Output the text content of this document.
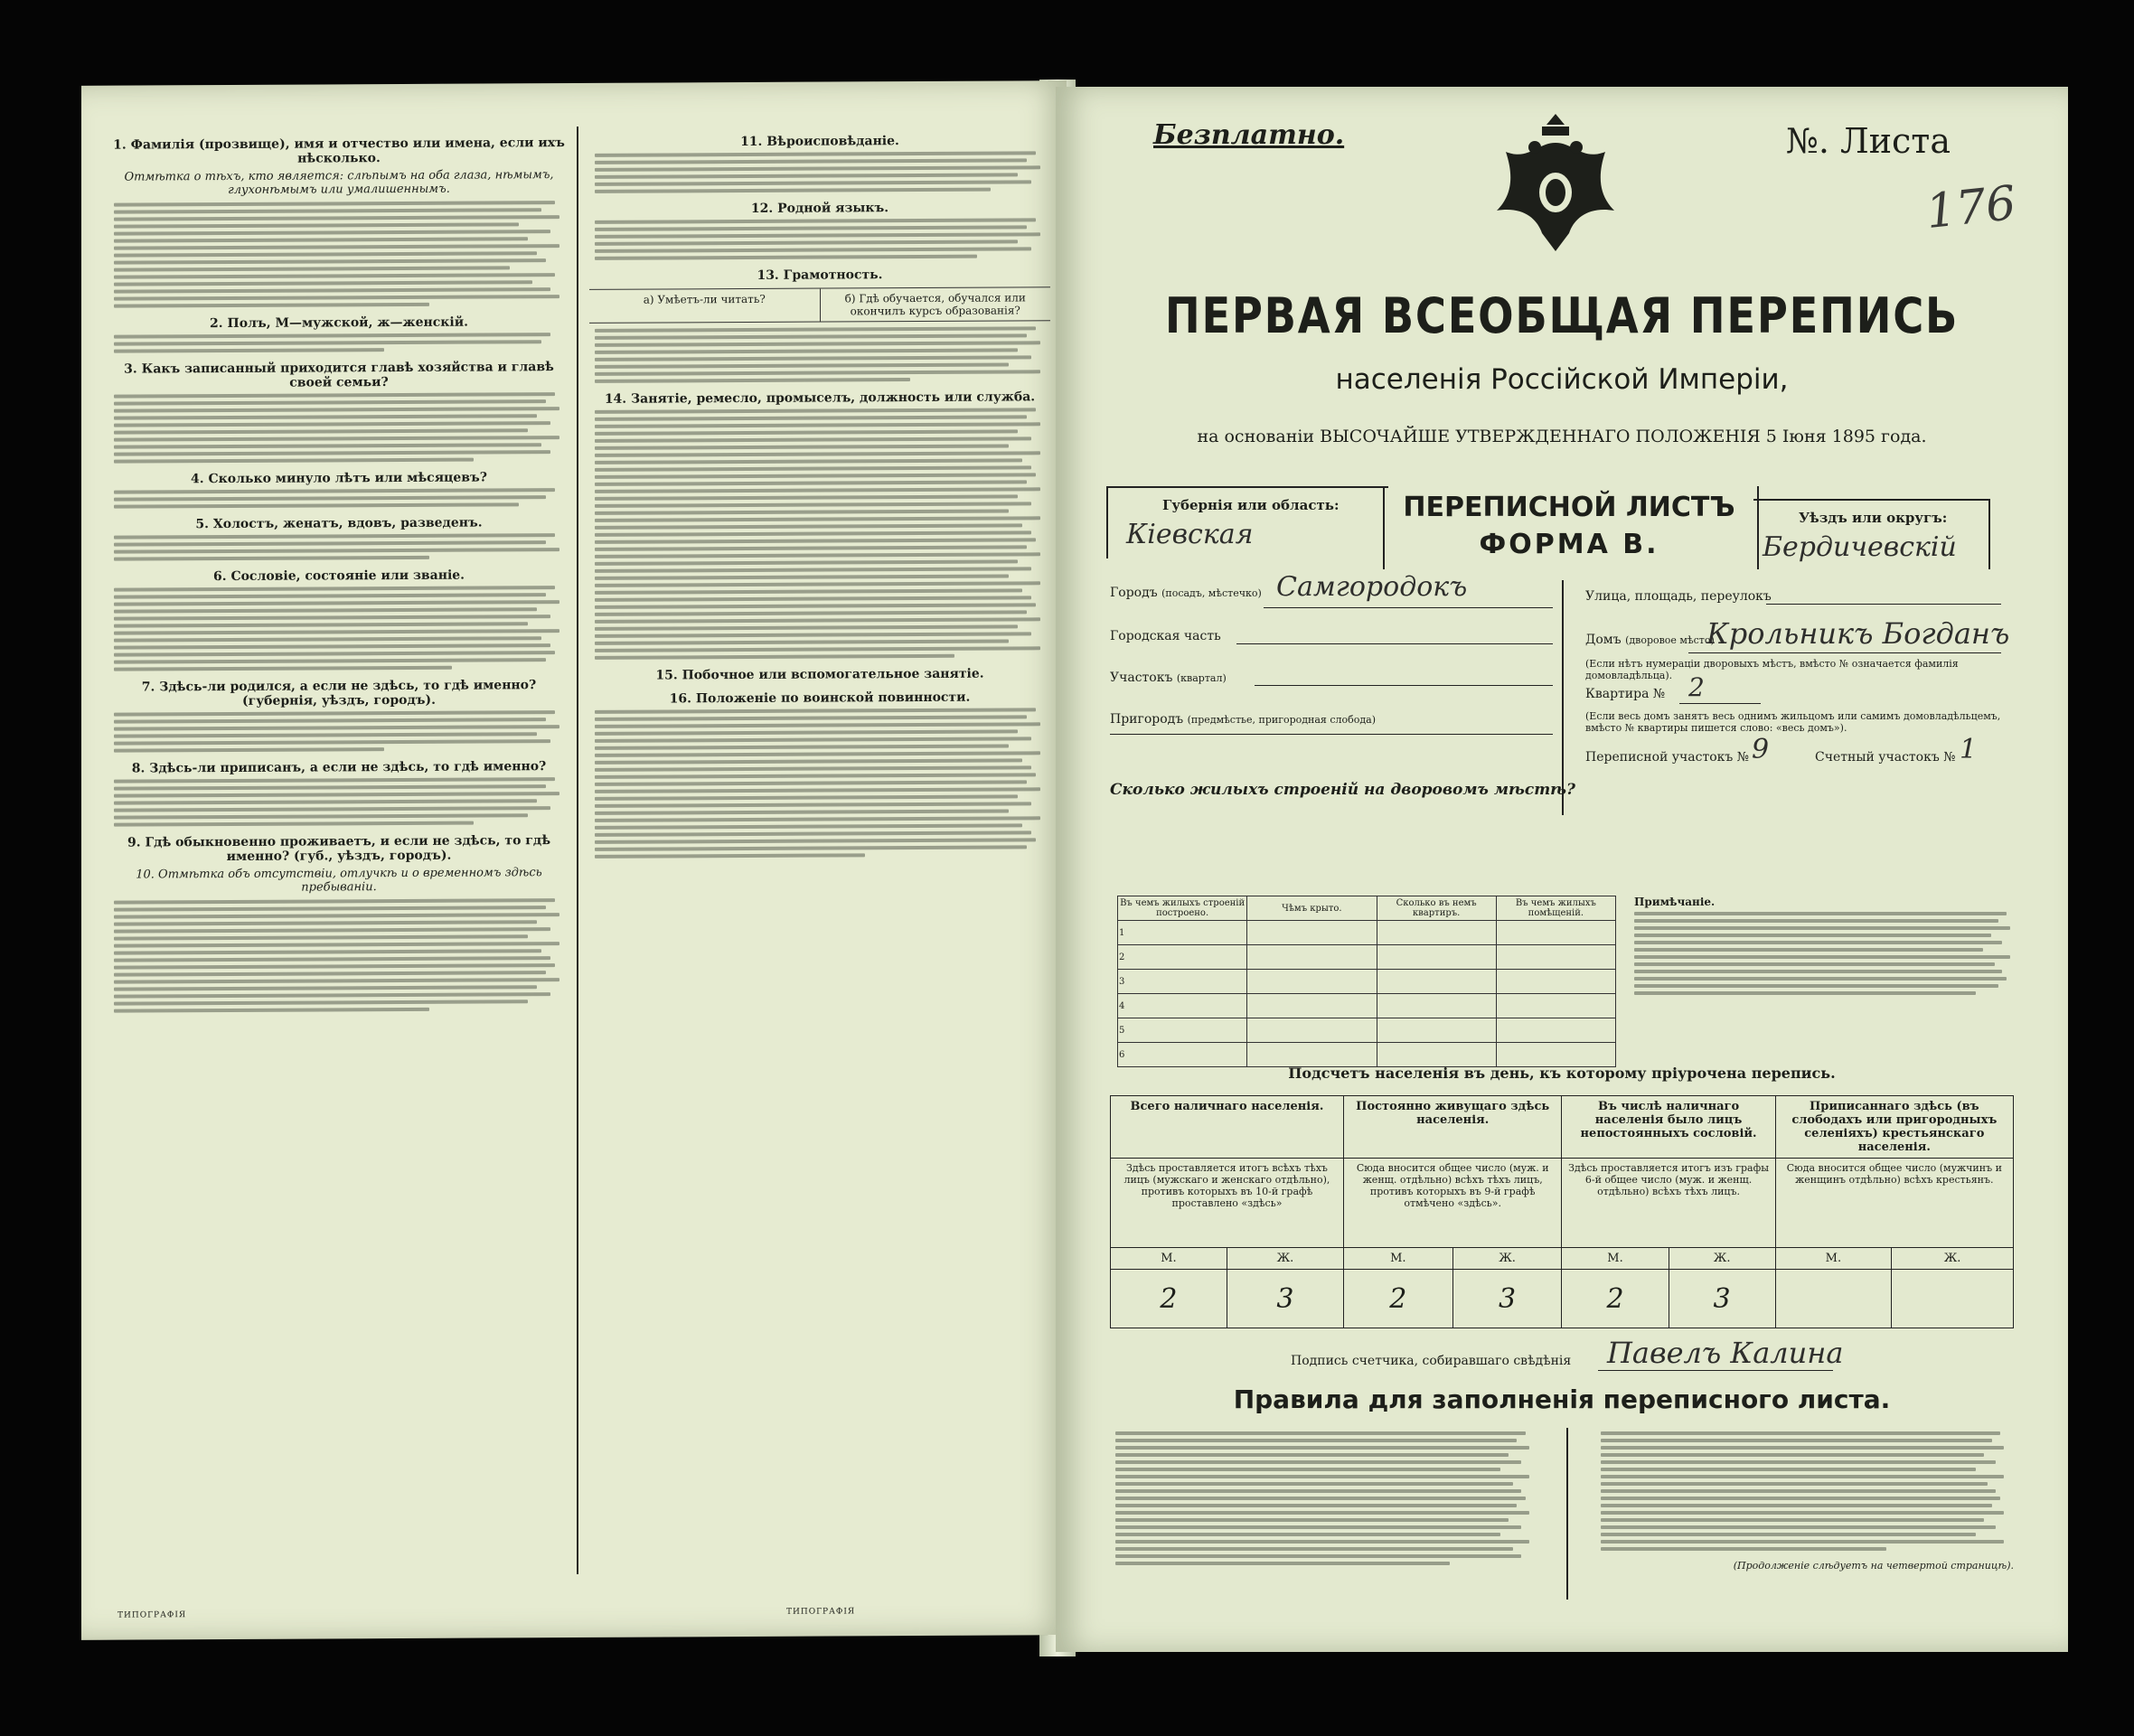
1. Фамилія (прозвище), имя и отчество или имена, если ихъ нѣсколько.
Отмѣтка о тѣхъ, кто является: слѣпымъ на оба глаза, нѣмымъ, глухонѣмымъ или умалишеннымъ.
2. Полъ, М—мужской, ж—женскій.
3. Какъ записанный приходится главѣ хозяйства и главѣ своей семьи?
4. Сколько минуло лѣтъ или мѣсяцевъ?
5. Холостъ, женатъ, вдовъ, разведенъ.
6. Сословіе, состояніе или званіе.
7. Здѣсь-ли родился, а если не здѣсь, то гдѣ именно? (губернія, уѣздъ, городъ).
8. Здѣсь-ли приписанъ, а если не здѣсь, то гдѣ именно?
9. Гдѣ обыкновенно проживаетъ, и если не здѣсь, то гдѣ именно? (губ., уѣздъ, городъ).
10. Отмѣтка объ отсутствіи, отлучкѣ и о временномъ здѣсь пребываніи.
11. Вѣроисповѣданіе.
12. Родной языкъ.
13. Грамотность.
а) Умѣетъ-ли читать?	б) Гдѣ обучается, обучался или окончилъ курсъ образованія?
14. Занятіе, ремесло, промыселъ, должность или служба.
15. Побочное или вспомогательное занятіе.
16. Положеніе по воинской повинности.
ТИПОГРАФІЯ	ТИПОГРАФІЯ
Безплатно.	№. Листа
176
ПЕРВАЯ ВСЕОБЩАЯ ПЕРЕПИСЬ
населенія Россійской Имперіи,
на основаніи ВЫСОЧАЙШЕ УТВЕРЖДЕННАГО ПОЛОЖЕНІЯ 5 Іюня 1895 года.
Губернія или область:
Кіевская
ПЕРЕПИСНОЙ ЛИСТЪ
ФОРМА В.
Уѣздъ или округъ:
Бердичевскій
Городъ (посадъ, мѣстечко) Самгородокъ
Городская часть
Участокъ (квартал)
Пригородъ (предмѣстье, пригородная слобода)
Улица, площадь, переулокъ
Домъ (дворовое мѣсто)
Крольникъ Богданъ
(Если нѣтъ нумераціи дворовыхъ мѣстъ, вмѣсто № означается фамилія домовладѣльца).
Квартира № 2
(Если весь домъ занятъ весь однимъ жильцомъ или самимъ домовладѣльцемъ, вмѣсто № квартиры пишется слово: «весь домъ»).
Переписной участокъ № 9	Счетный участокъ № 1
Сколько жилыхъ строеній на дворовомъ мѣстѣ?
Въ чемъ жилыхъ строеній построено.	Чѣмъ крыто.	Сколько въ немъ квартиръ.	Въ чемъ жилыхъ помѣщеній.
1			
2			
3			
4			
5			
6			
Примѣчаніе.
Подсчетъ населенія въ день, къ которому пріурочена перепись.
Всего наличнаго населенія.		Постоянно живущаго здѣсь населенія.		Въ числѣ наличнаго населенія было лицъ непостоянныхъ сословій.		Приписаннаго здѣсь (въ слободахъ или пригородныхъ селеніяхъ) крестьянскаго населенія.	
Здѣсь проставляется итогъ всѣхъ тѣхъ лицъ (мужскаго и женскаго отдѣльно), противъ которыхъ въ 10-й графѣ проставлено «здѣсь»		Сюда вносится общее число (муж. и женщ. отдѣльно) всѣхъ тѣхъ лицъ, противъ которыхъ въ 9-й графѣ отмѣчено «здѣсь».		Здѣсь проставляется итогъ изъ графы 6-й общее число (муж. и женщ. отдѣльно) всѣхъ тѣхъ лицъ.		Сюда вносится общее число (мужчинъ и женщинъ отдѣльно) всѣхъ крестьянъ.	
М.	Ж.	М.	Ж.	М.	Ж.	М.	Ж.
2	3	2	3	2	3		
Подпись счетчика, собиравшаго свѣдѣнія Павелъ Калина
Правила для заполненія переписного листа.
(Продолженіе слѣдуетъ на четвертой страницѣ).
